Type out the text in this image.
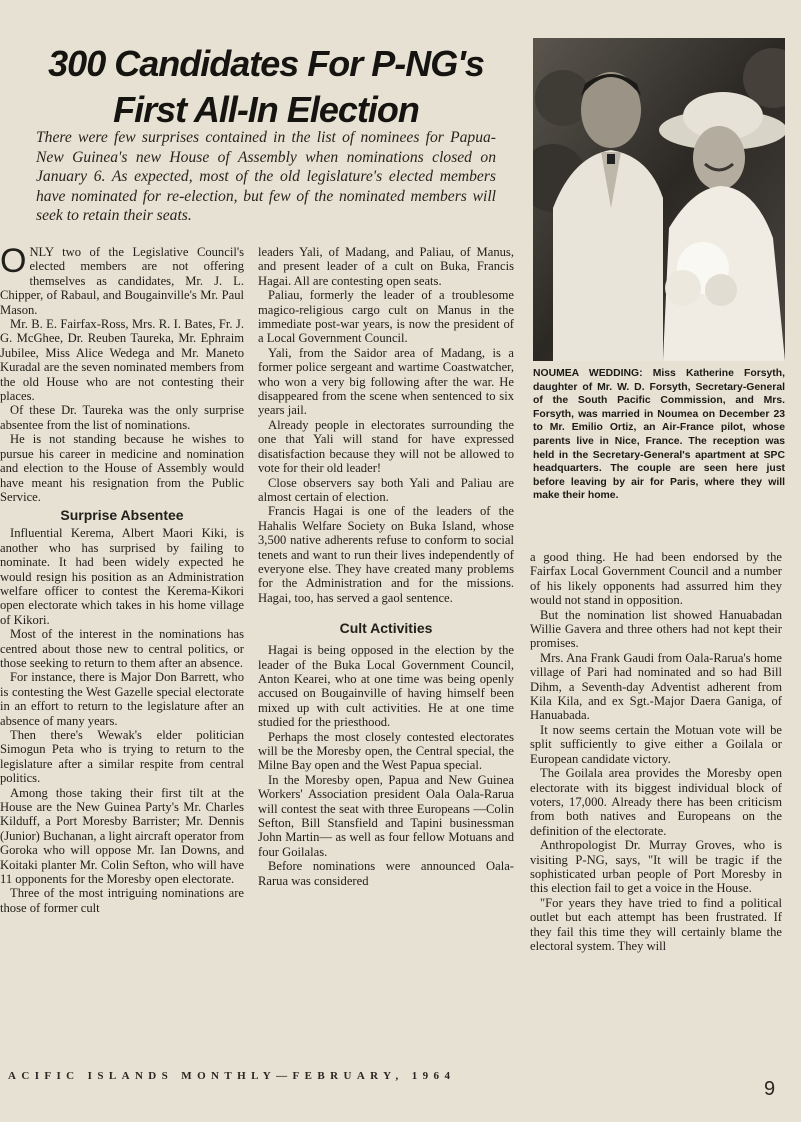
300 Candidates For P-NG's
First All-In Election
There were few surprises contained in the list of nominees for Papua-New Guinea's new House of Assembly when nominations closed on January 6. As expected, most of the old legislature's elected members have nominated for re-election, but few of the nominated members will seek to retain their seats.

ONLY two of the Legislative Council's elected members are not offering themselves as candidates, Mr. J. L. Chipper, of Rabaul, and Bougainville's Mr. Paul Mason.

Mr. B. E. Fairfax-Ross, Mrs. R. I. Bates, Fr. J. G. McGhee, Dr. Reuben Taureka, Mr. Ephraim Jubilee, Miss Alice Wedega and Mr. Maneto Kuradal are the seven nominated members from the old House who are not contesting their places.

Of these Dr. Taureka was the only surprise absentee from the list of nominations.

He is not standing because he wishes to pursue his career in medicine and nomination and election to the House of Assembly would have meant his resignation from the Public Service.

Surprise Absentee

Influential Kerema, Albert Maori Kiki, is another who has surprised by failing to nominate. It had been widely expected he would resign his position as an Administration welfare officer to contest the Kerema-Kikori open electorate which takes in his home village of Kikori.

Most of the interest in the nominations has centred about those new to central politics, or those seeking to return to them after an absence.

For instance, there is Major Don Barrett, who is contesting the West Gazelle special electorate in an effort to return to the legislature after an absence of many years.

Then there's Wewak's elder politician Simogun Peta who is trying to return to the legislature after a similar respite from central politics.

Among those taking their first tilt at the House are the New Guinea Party's Mr. Charles Kilduff, a Port Moresby Barrister; Mr. Dennis (Junior) Buchanan, a light aircraft operator from Goroka who will oppose Mr. Ian Downs, and Koitaki planter Mr. Colin Sefton, who will have 11 opponents for the Moresby open electorate.

Three of the most intriguing nominations are those of former cult

leaders Yali, of Madang, and Paliau, of Manus, and present leader of a cult on Buka, Francis Hagai. All are contesting open seats.

Paliau, formerly the leader of a troublesome magico-religious cargo cult on Manus in the immediate post-war years, is now the president of a Local Government Council.

Yali, from the Saidor area of Madang, is a former police sergeant and wartime Coastwatcher, who won a very big following after the war. He disappeared from the scene when sentenced to six years jail.

Already people in electorates surrounding the one that Yali will stand for have expressed disatisfaction because they will not be allowed to vote for their old leader!

Close observers say both Yali and Paliau are almost certain of election.

Francis Hagai is one of the leaders of the Hahalis Welfare Society on Buka Island, whose 3,500 native adherents refuse to conform to social tenets and want to run their lives independently of everyone else. They have created many problems for the Administration and for the missions. Hagai, too, has served a gaol sentence.

Cult Activities

Hagai is being opposed in the election by the leader of the Buka Local Government Council, Anton Kearei, who at one time was being openly accused on Bougainville of having himself been mixed up with cult activities. He at one time studied for the priesthood.

Perhaps the most closely contested electorates will be the Moresby open, the Central special, the Milne Bay open and the West Papua special.

In the Moresby open, Papua and New Guinea Workers' Association president Oala Oala-Rarua will contest the seat with three Europeans —Colin Sefton, Bill Stansfield and Tapini businessman John Martin— as well as four fellow Motuans and four Goilalas.

Before nominations were announced Oala-Rarua was considered

NOUMEA WEDDING: Miss Katherine Forsyth, daughter of Mr. W. D. Forsyth, Secretary-General of the South Pacific Commission, and Mrs. Forsyth, was married in Noumea on December 23 to Mr. Emilio Ortiz, an Air-France pilot, whose parents live in Nice, France. The reception was held in the Secretary-General's apartment at SPC headquarters. The couple are seen here just before leaving by air for Paris, where they will make their home.

a good thing. He had been endorsed by the Fairfax Local Government Council and a number of his likely opponents had assurred him they would not stand in opposition.

But the nomination list showed Hanuabadan Willie Gavera and three others had not kept their promises.

Mrs. Ana Frank Gaudi from Oala-Rarua's home village of Pari had nominated and so had Bill Dihm, a Seventh-day Adventist adherent from Kila Kila, and ex Sgt.-Major Daera Ganiga, of Hanuabada.

It now seems certain the Motuan vote will be split sufficiently to give either a Goilala or European candidate victory.

The Goilala area provides the Moresby open electorate with its biggest individual block of voters, 17,000. Already there has been criticism from both natives and Europeans on the definition of the electorate.

Anthropologist Dr. Murray Groves, who is visiting P-NG, says, "It will be tragic if the sophisticated urban people of Port Moresby in this election fail to get a voice in the House.

"For years they have tried to find a political outlet but each attempt has been frustrated. If they fail this time they will certainly blame the electoral system. They will

ACIFIC ISLANDS MONTHLY—FEBRUARY, 1964
9
